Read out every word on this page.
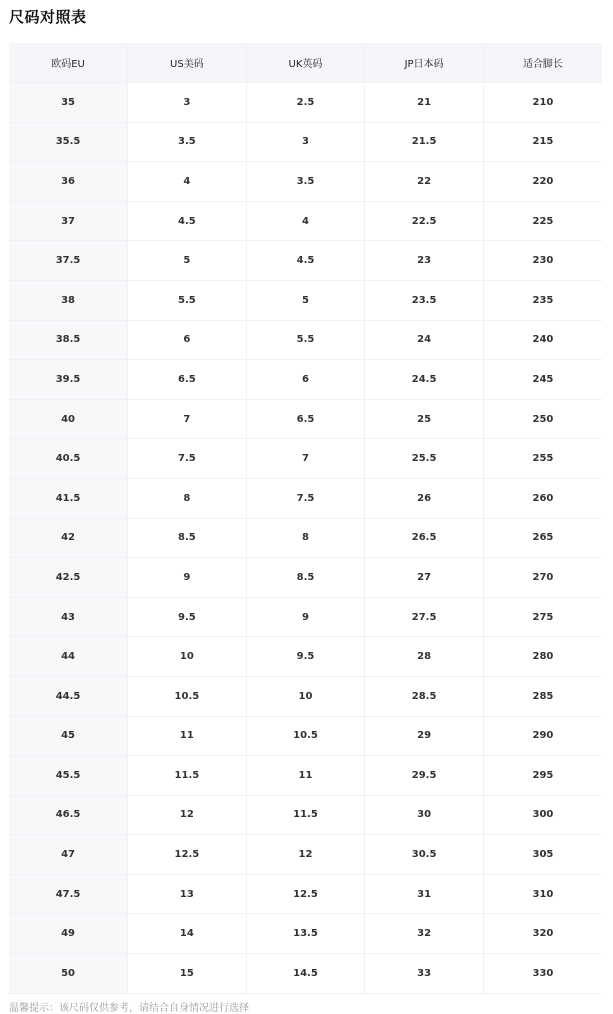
尺码对照表
欧码EU	US美码	UK英码	JP日本码	适合脚长
35	3	2.5	21	210
35.5	3.5	3	21.5	215
36	4	3.5	22	220
37	4.5	4	22.5	225
37.5	5	4.5	23	230
38	5.5	5	23.5	235
38.5	6	5.5	24	240
39.5	6.5	6	24.5	245
40	7	6.5	25	250
40.5	7.5	7	25.5	255
41.5	8	7.5	26	260
42	8.5	8	26.5	265
42.5	9	8.5	27	270
43	9.5	9	27.5	275
44	10	9.5	28	280
44.5	10.5	10	28.5	285
45	11	10.5	29	290
45.5	11.5	11	29.5	295
46.5	12	11.5	30	300
47	12.5	12	30.5	305
47.5	13	12.5	31	310
49	14	13.5	32	320
50	15	14.5	33	330
温馨提示：该尺码仅供参考，请结合自身情况进行选择
